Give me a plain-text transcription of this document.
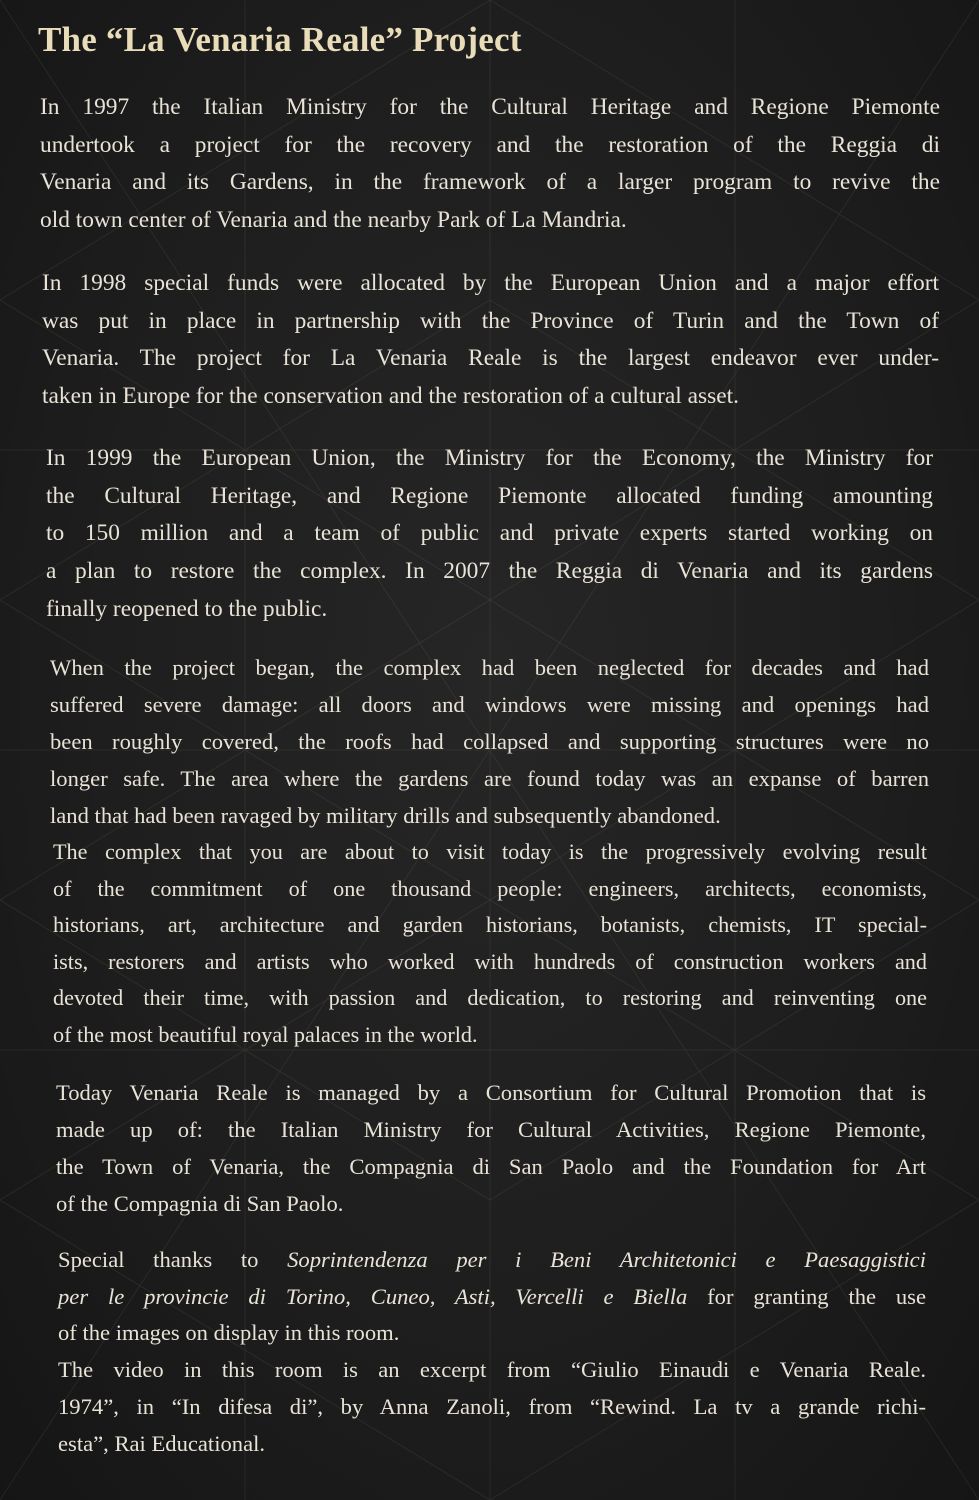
The “La Venaria Reale” Project

In 1997 the Italian Ministry for the Cultural Heritage and Regione Piemonte
undertook a project for the recovery and the restoration of the Reggia di
Venaria and its Gardens, in the framework of a larger program to revive the
old town center of Venaria and the nearby Park of La Mandria.

In 1998 special funds were allocated by the European Union and a major effort
was put in place in partnership with the Province of Turin and the Town of
Venaria. The project for La Venaria Reale is the largest endeavor ever under-
taken in Europe for the conservation and the restoration of a cultural asset.

In 1999 the European Union, the Ministry for the Economy, the Ministry for
the Cultural Heritage, and Regione Piemonte allocated funding amounting
to 150 million and a team of public and private experts started working on
a plan to restore the complex. In 2007 the Reggia di Venaria and its gardens
finally reopened to the public.

When the project began, the complex had been neglected for decades and had
suffered severe damage: all doors and windows were missing and openings had
been roughly covered, the roofs had collapsed and supporting structures were no
longer safe. The area where the gardens are found today was an expanse of barren
land that had been ravaged by military drills and subsequently abandoned.

The complex that you are about to visit today is the progressively evolving result
of the commitment of one thousand people: engineers, architects, economists,
historians, art, architecture and garden historians, botanists, chemists, IT special-
ists, restorers and artists who worked with hundreds of construction workers and
devoted their time, with passion and dedication, to restoring and reinventing one
of the most beautiful royal palaces in the world.

Today Venaria Reale is managed by a Consortium for Cultural Promotion that is
made up of: the Italian Ministry for Cultural Activities, Regione Piemonte,
the Town of Venaria, the Compagnia di San Paolo and the Foundation for Art
of the Compagnia di San Paolo.

Special thanks to Soprintendenza per i Beni Architetonici e Paesaggistici
per le provincie di Torino, Cuneo, Asti, Vercelli e Biella for granting the use
of the images on display in this room.

The video in this room is an excerpt from “Giulio Einaudi e Venaria Reale.
1974”, in “In difesa di”, by Anna Zanoli, from “Rewind. La tv a grande richi-
esta”, Rai Educational.
